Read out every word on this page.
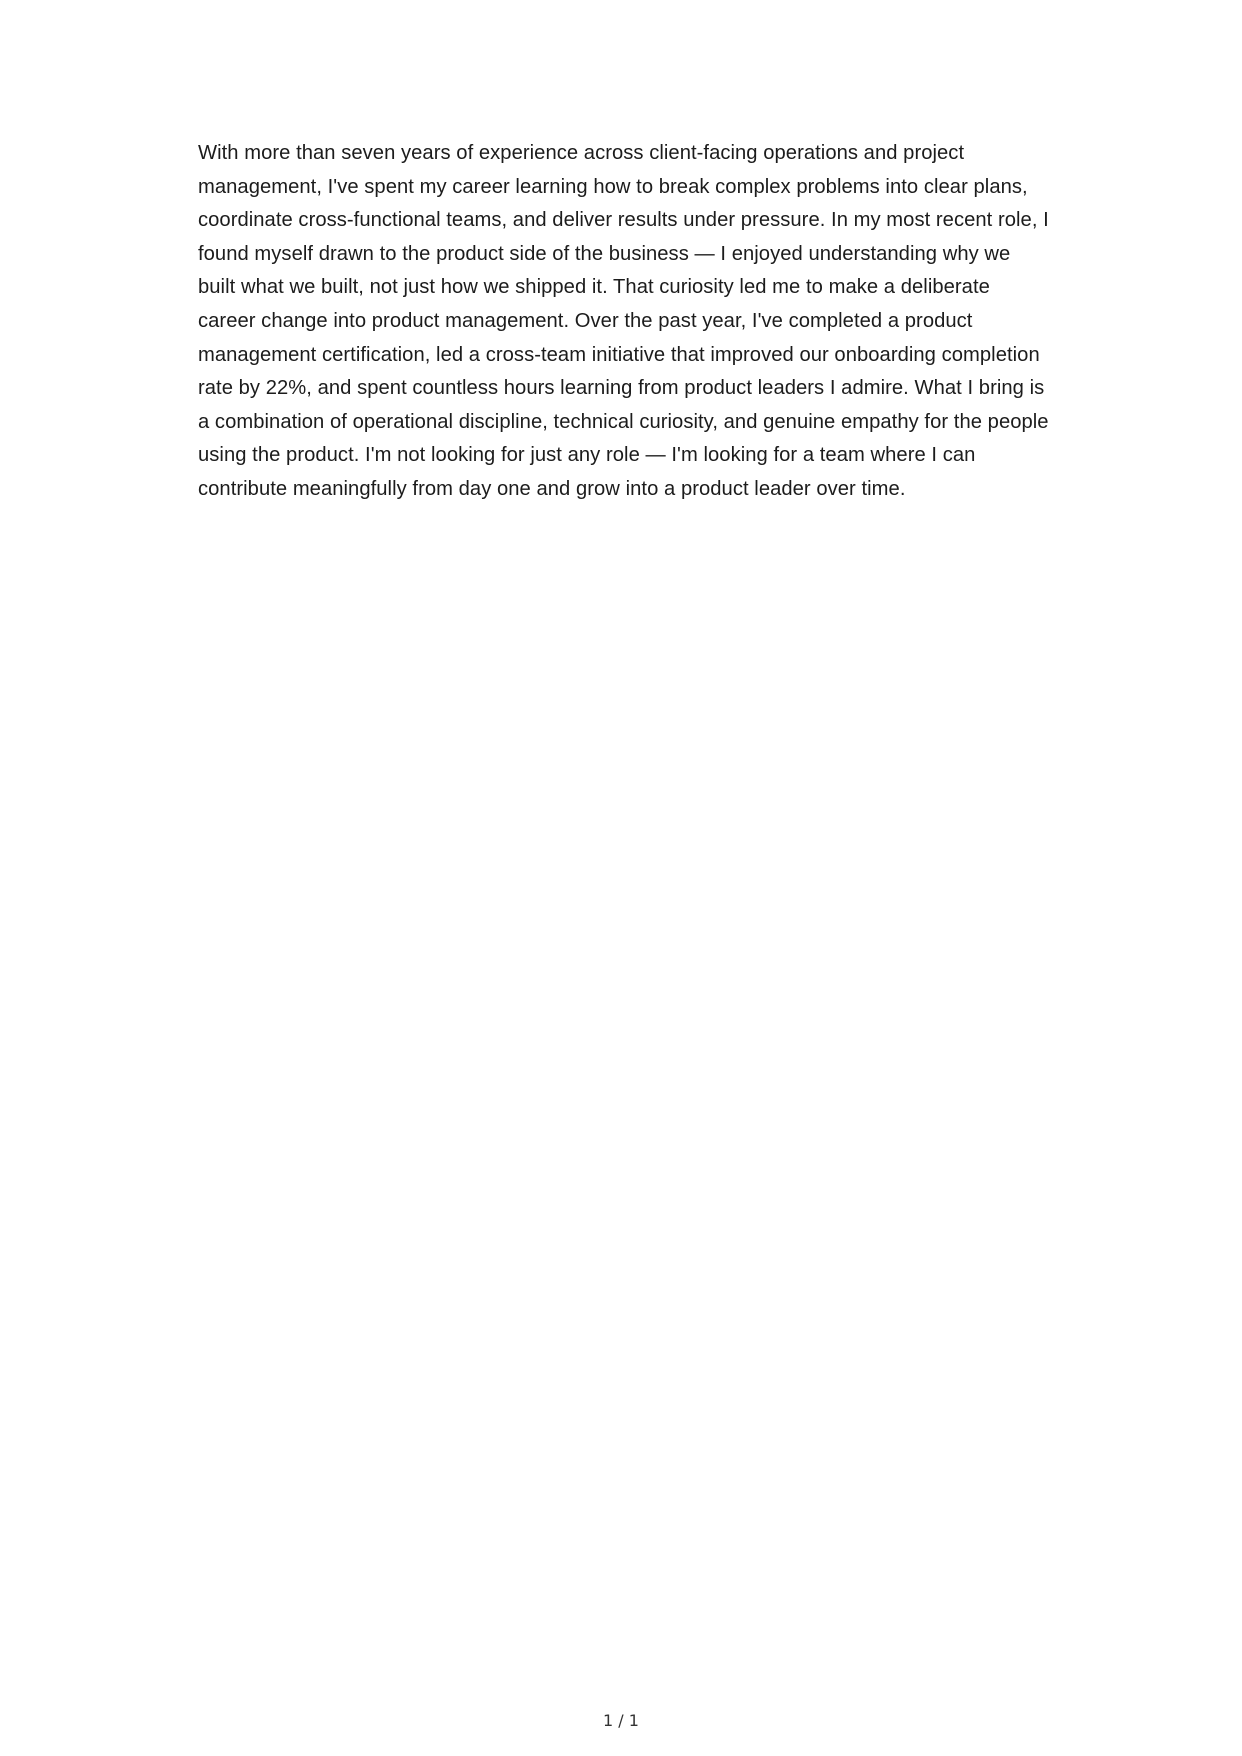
With more than seven years of experience across client-facing operations and project management, I've spent my career learning how to break complex problems into clear plans, coordinate cross-functional teams, and deliver results under pressure. In my most recent role, I found myself drawn to the product side of the business — I enjoyed understanding why we built what we built, not just how we shipped it. That curiosity led me to make a deliberate career change into product management. Over the past year, I've completed a product management certification, led a cross-team initiative that improved our onboarding completion rate by 22%, and spent countless hours learning from product leaders I admire. What I bring is a combination of operational discipline, technical curiosity, and genuine empathy for the people using the product. I'm not looking for just any role — I'm looking for a team where I can contribute meaningfully from day one and grow into a product leader over time.

1 / 1
